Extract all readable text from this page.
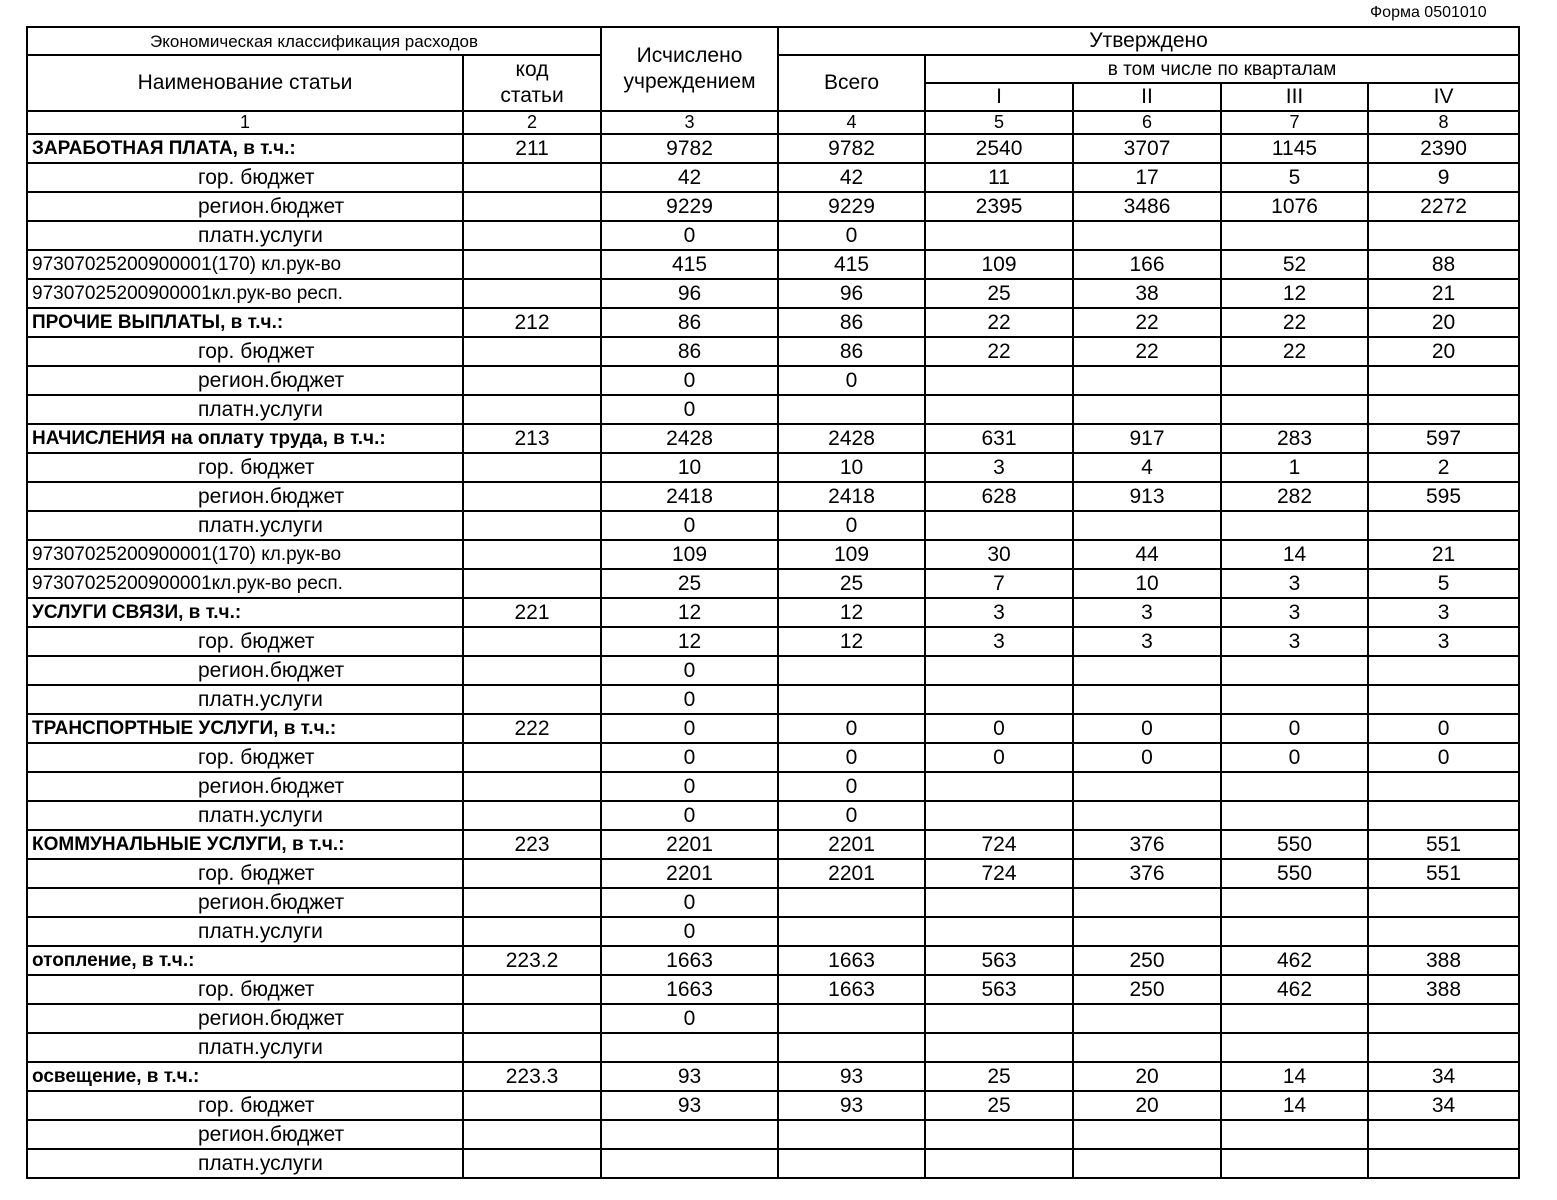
Форма 0501010
Экономическая классификация расходов		Исчислено учреждением	Утверждено				
Наименование статьи	код статьи		Всего	в том числе по кварталам			
				I	II	III	IV
1	2	3	4	5	6	7	8
ЗАРАБОТНАЯ ПЛАТА, в т.ч.:	211	9782	9782	2540	3707	1145	2390
гор. бюджет		42	42	11	17	5	9
регион.бюджет		9229	9229	2395	3486	1076	2272
платн.услуги		0	0				
97307025200900001(170) кл.рук-во		415	415	109	166	52	88
97307025200900001кл.рук-во респ.		96	96	25	38	12	21
ПРОЧИЕ ВЫПЛАТЫ, в т.ч.:	212	86	86	22	22	22	20
гор. бюджет		86	86	22	22	22	20
регион.бюджет		0	0				
платн.услуги		0					
НАЧИСЛЕНИЯ на оплату труда, в т.ч.:	213	2428	2428	631	917	283	597
гор. бюджет		10	10	3	4	1	2
регион.бюджет		2418	2418	628	913	282	595
платн.услуги		0	0				
97307025200900001(170) кл.рук-во		109	109	30	44	14	21
97307025200900001кл.рук-во респ.		25	25	7	10	3	5
УСЛУГИ СВЯЗИ, в т.ч.:	221	12	12	3	3	3	3
гор. бюджет		12	12	3	3	3	3
регион.бюджет		0					
платн.услуги		0					
ТРАНСПОРТНЫЕ УСЛУГИ, в т.ч.:	222	0	0	0	0	0	0
гор. бюджет		0	0	0	0	0	0
регион.бюджет		0	0				
платн.услуги		0	0				
КОММУНАЛЬНЫЕ УСЛУГИ, в т.ч.:	223	2201	2201	724	376	550	551
гор. бюджет		2201	2201	724	376	550	551
регион.бюджет		0					
платн.услуги		0					
отопление, в т.ч.:	223.2	1663	1663	563	250	462	388
гор. бюджет		1663	1663	563	250	462	388
регион.бюджет		0					
платн.услуги							
освещение, в т.ч.:	223.3	93	93	25	20	14	34
гор. бюджет		93	93	25	20	14	34
регион.бюджет							
платн.услуги							
